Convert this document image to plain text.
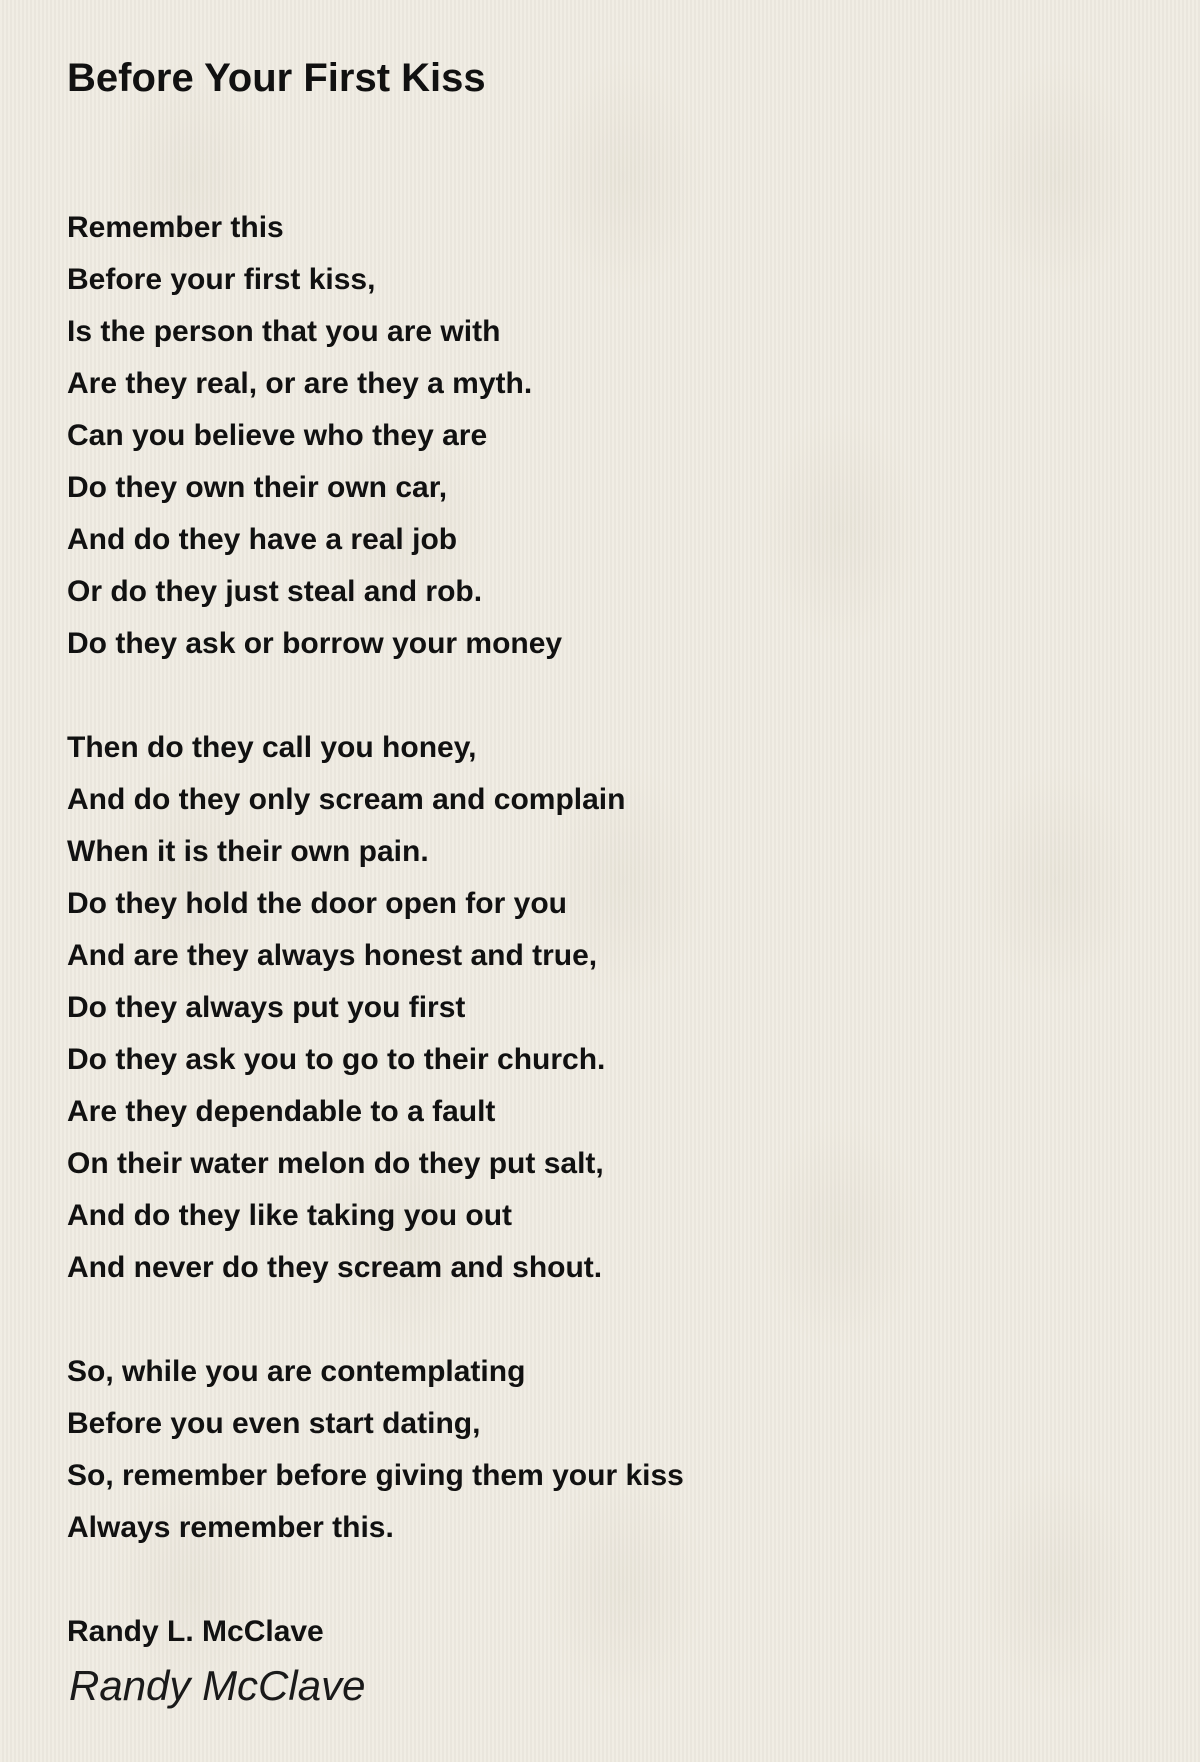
Before Your First Kiss
Remember this
Before your first kiss,
Is the person that you are with
Are they real, or are they a myth.
Can you believe who they are
Do they own their own car,
And do they have a real job
Or do they just steal and rob.
Do they ask or borrow your money
Then do they call you honey,
And do they only scream and complain
When it is their own pain.
Do they hold the door open for you
And are they always honest and true,
Do they always put you first
Do they ask you to go to their church.
Are they dependable to a fault
On their water melon do they put salt,
And do they like taking you out
And never do they scream and shout.
So, while you are contemplating
Before you even start dating,
So, remember before giving them your kiss
Always remember this.
Randy L. McClave
Randy McClave
